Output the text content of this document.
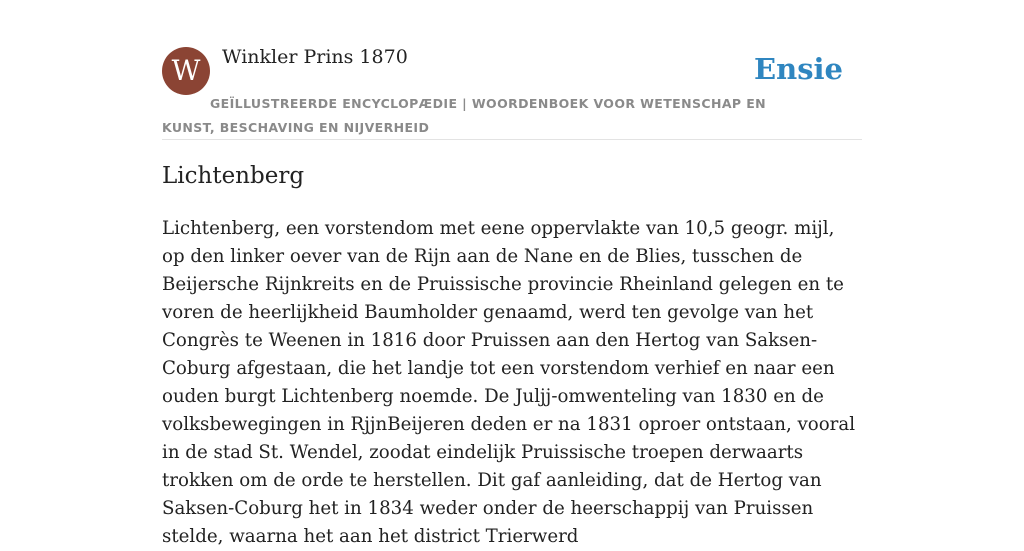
W	Winkler Prins 1870	Ensie
GEÏLLUSTREERDE ENCYCLOPÆDIE | WOORDENBOEK VOOR WETENSCHAP EN KUNST, BESCHAVING EN NIJVERHEID
Lichtenberg

Lichtenberg, een vorstendom met eene oppervlakte van 10,5 geogr. mijl, op den linker oever van de Rijn aan de Nane en de Blies, tusschen de Beijersche Rijnkreits en de Pruissische provincie Rheinland gelegen en te voren de heerlijkheid Baumholder genaamd, werd ten gevolge van het Congrès te Weenen in 1816 door Pruissen aan den Hertog van Saksen-Coburg afgestaan, die het landje tot een vorstendom verhief en naar een ouden burgt Lichtenberg noemde. De Juljj-omwenteling van 1830 en de volksbewegingen in RjjnBeijeren deden er na 1831 oproer ontstaan, vooral in de stad St. Wendel, zoodat eindelijk Pruissische troepen derwaarts trokken om de orde te herstellen. Dit gaf aanleiding, dat de Hertog van Saksen-Coburg het in 1834 weder onder de heerschappij van Pruissen stelde, waarna het aan het district Trierwerd
